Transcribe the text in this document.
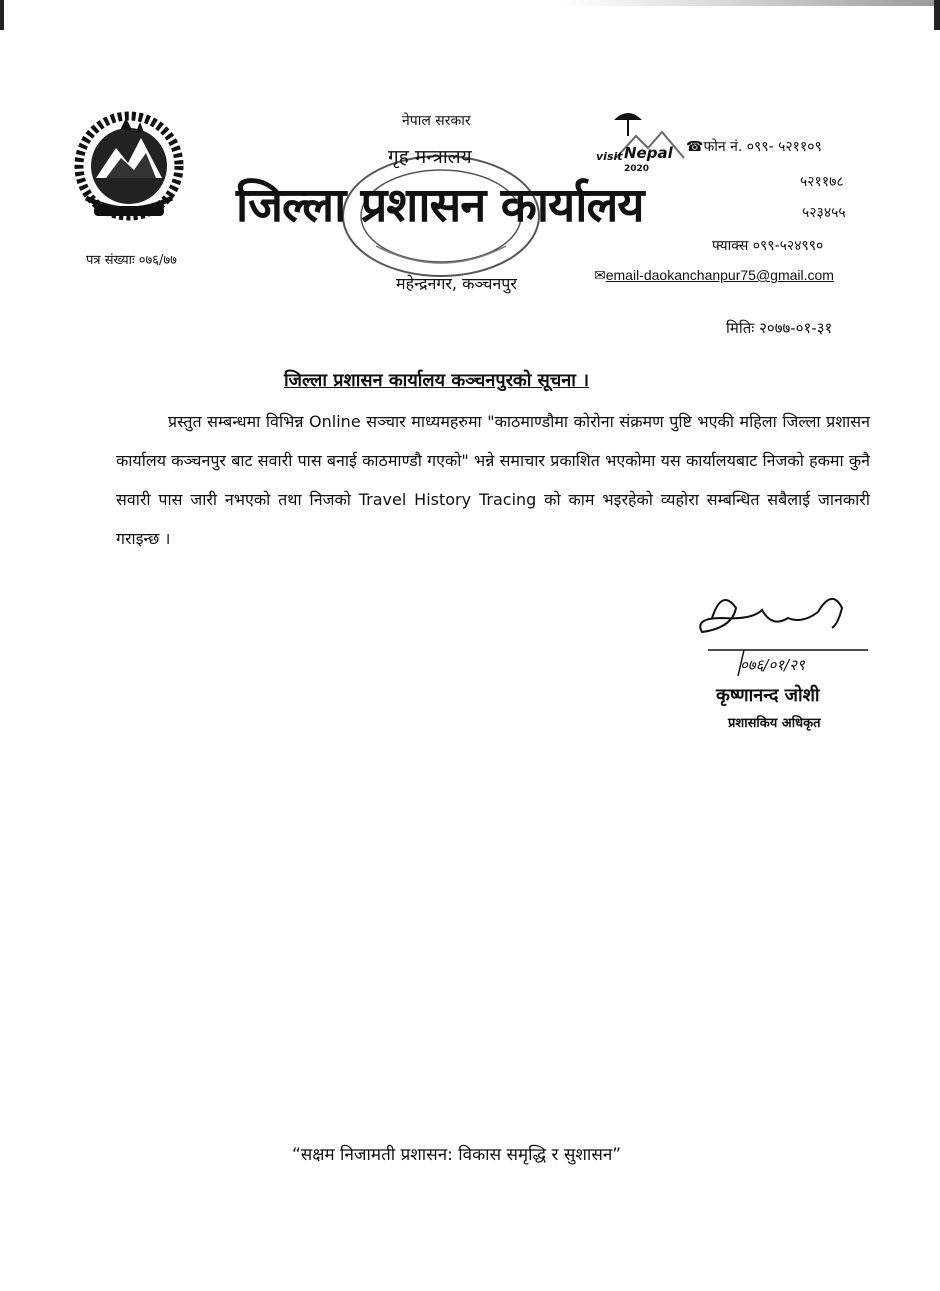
पत्र संख्याः ०७६/७७
नेपाल सरकार
गृह मन्त्रालय
जिल्ला प्रशासन कार्यालय
महेन्द्रनगर, कञ्चनपुर
visit Nepal
2020
☎फोन नं. ०९९- ५२११०९
५२११७८
५२३४५५
फ्याक्स ०९९-५२४९९०
✉email-daokanchanpur75@gmail.com
मितिः २०७७-०१-३१
जिल्ला प्रशासन कार्यालय कञ्चनपुरको सूचना ।
प्रस्तुत सम्बन्धमा विभिन्न Online सञ्चार माध्यमहरुमा "काठमाण्डौमा कोरोना संक्रमण पुष्टि भएकी महिला जिल्ला प्रशासन कार्यालय कञ्चनपुर बाट सवारी पास बनाई काठमाण्डौ गएको" भन्ने समाचार प्रकाशित भएकोमा यस कार्यालयबाट निजको हकमा कुनै सवारी पास जारी नभएको तथा निजको Travel History Tracing को काम भइरहेको व्यहोरा सम्बन्धित सबैलाई जानकारी गराइन्छ ।
०७६/०१/२९
कृष्णानन्द जोशी
प्रशासकिय अधिकृत
“सक्षम निजामती प्रशासन: विकास समृद्धि र सुशासन”
